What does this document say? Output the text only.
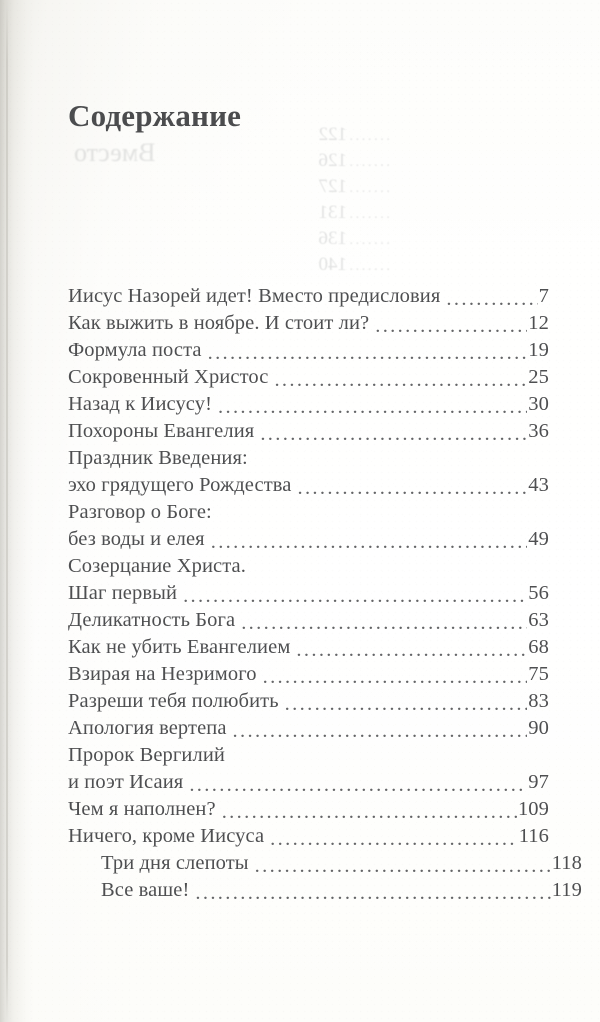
.......122
.......126
.......127
.......131
.......136
.......140
Вместо
Содержание
Иисус Назорей идет! Вместо предисловия .....	7
Как выжить в ноябре. И стоит ли? .....	12
Формула поста .....	19
Сокровенный Христос .....	25
Назад к Иисусу! .....	30
Похороны Евангелия .....	36
Праздник Введения:
эхо грядущего Рождества .....	43
Разговор о Боге:
без воды и елея .....	49
Созерцание Христа.
Шаг первый .....	56
Деликатность Бога .....	63
Как не убить Евангелием .....	68
Взирая на Незримого .....	75
Разреши тебя полюбить .....	83
Апология вертепа .....	90
Пророк Вергилий
и поэт Исаия .....	97
Чем я наполнен? .....	109
Ничего, кроме Иисуса .....	116
Три дня слепоты .....	118
Все ваше! .....	119
